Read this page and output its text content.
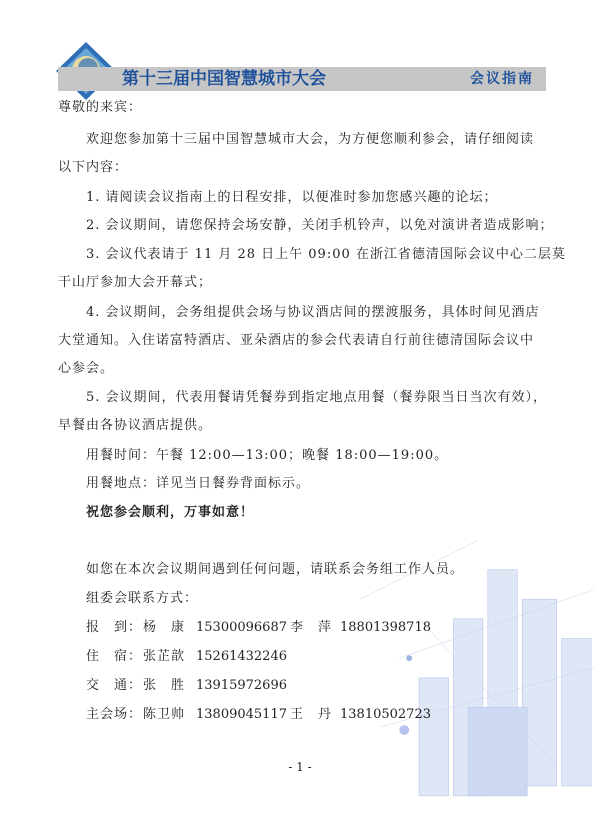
第十三届中国智慧城市大会	会议指南
尊敬的来宾：
欢迎您参加第十三届中国智慧城市大会，为方便您顺利参会，请仔细阅读
以下内容：
1. 请阅读会议指南上的日程安排，以便准时参加您感兴趣的论坛；
2. 会议期间，请您保持会场安静，关闭手机铃声，以免对演讲者造成影响；
3. 会议代表请于 11 月 28 日上午 09:00 在浙江省德清国际会议中心二层莫
干山厅参加大会开幕式；
4. 会议期间，会务组提供会场与协议酒店间的摆渡服务，具体时间见酒店
大堂通知。入住诺富特酒店、亚朵酒店的参会代表请自行前往德清国际会议中
心参会。
5. 会议期间，代表用餐请凭餐券到指定地点用餐（餐券限当日当次有效），
早餐由各协议酒店提供。
用餐时间：午餐 12:00—13:00；晚餐 18:00—19:00。
用餐地点：详见当日餐券背面标示。
祝您参会顺利，万事如意！
如您在本次会议期间遇到任何问题，请联系会务组工作人员。
组委会联系方式：
报　到： 杨　康 15300096687 李　萍 18801398718
住　宿： 张芷歆 15261432246
交　通： 张　胜 13915972696
主会场： 陈卫帅 13809045117 王　丹 13810502723
- 1 -
